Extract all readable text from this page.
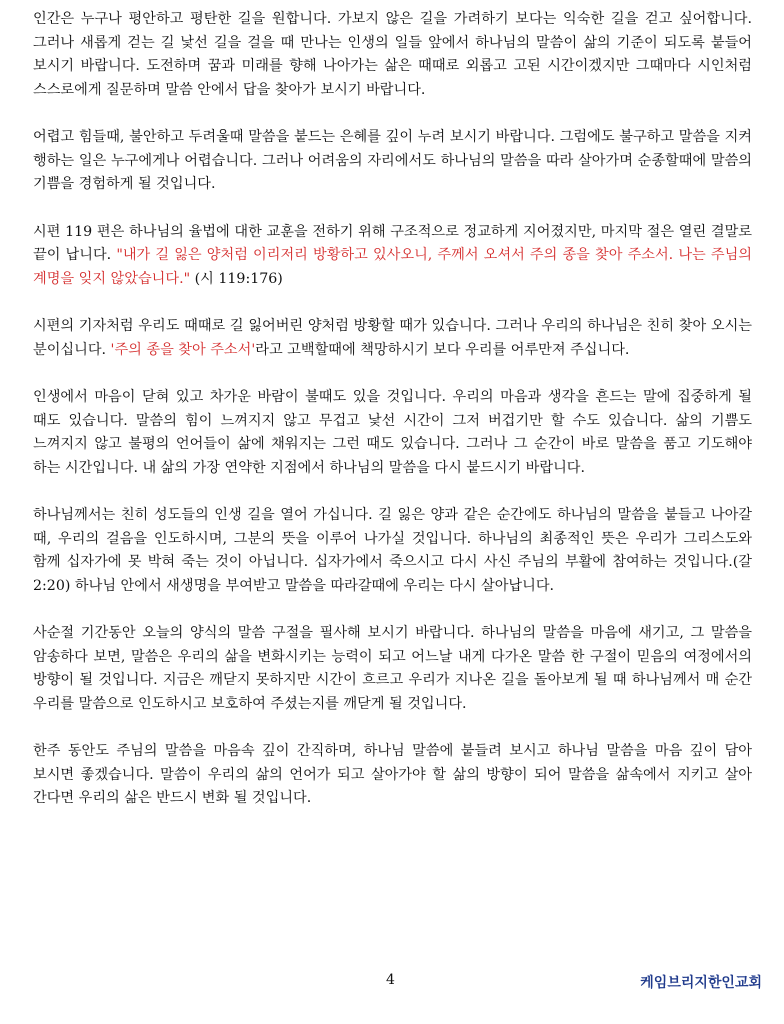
인간은 누구나 평안하고 평탄한 길을 원합니다. 가보지 않은 길을 가려하기 보다는 익숙한 길을 걷고 싶어합니다. 그러나 새롭게 걷는 길 낯선 길을 걸을 때 만나는 인생의 일들 앞에서 하나님의 말씀이 삶의 기준이 되도록 붙들어 보시기 바랍니다. 도전하며 꿈과 미래를 향해 나아가는 삶은 때때로 외롭고 고된 시간이겠지만 그때마다 시인처럼 스스로에게 질문하며 말씀 안에서 답을 찾아가 보시기 바랍니다.

어렵고 힘들때, 불안하고 두려울때 말씀을 붙드는 은혜를 깊이 누려 보시기 바랍니다. 그럼에도 불구하고 말씀을 지켜 행하는 일은 누구에게나 어렵습니다. 그러나 어려움의 자리에서도 하나님의 말씀을 따라 살아가며 순종할때에 말씀의 기쁨을 경험하게 될 것입니다.

시편 119 편은 하나님의 율법에 대한 교훈을 전하기 위해 구조적으로 정교하게 지어졌지만, 마지막 절은 열린 결말로 끝이 납니다. "내가 길 잃은 양처럼 이리저리 방황하고 있사오니, 주께서 오셔서 주의 종을 찾아 주소서. 나는 주님의 계명을 잊지 않았습니다." (시 119:176)

시편의 기자처럼 우리도 때때로 길 잃어버린 양처럼 방황할 때가 있습니다. 그러나 우리의 하나님은 친히 찾아 오시는 분이십니다. '주의 종을 찾아 주소서'라고 고백할때에 책망하시기 보다 우리를 어루만져 주십니다.

인생에서 마음이 닫혀 있고 차가운 바람이 불때도 있을 것입니다. 우리의 마음과 생각을 흔드는 말에 집중하게 될 때도 있습니다. 말씀의 힘이 느껴지지 않고 무겁고 낯선 시간이 그저 버겁기만 할 수도 있습니다. 삶의 기쁨도 느껴지지 않고 불평의 언어들이 삶에 채워지는 그런 때도 있습니다. 그러나 그 순간이 바로 말씀을 품고 기도해야 하는 시간입니다. 내 삶의 가장 연약한 지점에서 하나님의 말씀을 다시 붙드시기 바랍니다.

하나님께서는 친히 성도들의 인생 길을 열어 가십니다. 길 잃은 양과 같은 순간에도 하나님의 말씀을 붙들고 나아갈 때, 우리의 걸음을 인도하시며, 그분의 뜻을 이루어 나가실 것입니다. 하나님의 최종적인 뜻은 우리가 그리스도와 함께 십자가에 못 박혀 죽는 것이 아닙니다. 십자가에서 죽으시고 다시 사신 주님의 부활에 참여하는 것입니다.(갈 2:20) 하나님 안에서 새생명을 부여받고 말씀을 따라갈때에 우리는 다시 살아납니다.

사순절 기간동안 오늘의 양식의 말씀 구절을 필사해 보시기 바랍니다. 하나님의 말씀을 마음에 새기고, 그 말씀을 암송하다 보면, 말씀은 우리의 삶을 변화시키는 능력이 되고 어느날 내게 다가온 말씀 한 구절이 믿음의 여정에서의 방향이 될 것입니다. 지금은 깨닫지 못하지만 시간이 흐르고 우리가 지나온 길을 돌아보게 될 때 하나님께서 매 순간 우리를 말씀으로 인도하시고 보호하여 주셨는지를 깨닫게 될 것입니다.

한주 동안도 주님의 말씀을 마음속 깊이 간직하며, 하나님 말씀에 붙들려 보시고 하나님 말씀을 마음 깊이 담아 보시면 좋겠습니다. 말씀이 우리의 삶의 언어가 되고 살아가야 할 삶의 방향이 되어 말씀을 삶속에서 지키고 살아 간다면 우리의 삶은 반드시 변화 될 것입니다.

4	케임브리지한인교회
